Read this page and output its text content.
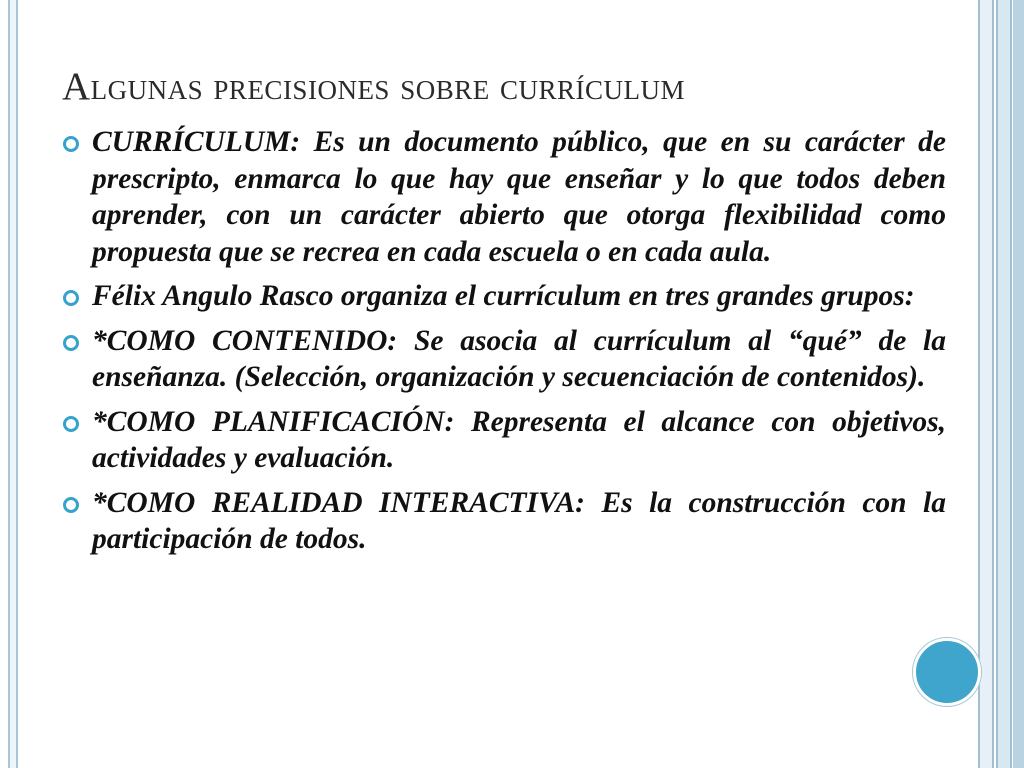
Algunas precisiones sobre currículum
CURRÍCULUM: Es un documento público, que en su carácter de prescripto, enmarca lo que hay que enseñar y lo que todos deben aprender, con un carácter abierto que otorga flexibilidad como propuesta que se recrea en cada escuela o en cada aula.
Félix Angulo Rasco organiza el currículum en tres grandes grupos:
*COMO CONTENIDO: Se asocia al currículum al “qué” de la enseñanza. (Selección, organización y secuenciación de contenidos).
*COMO PLANIFICACIÓN: Representa el alcance con objetivos, actividades y evaluación.
*COMO REALIDAD INTERACTIVA: Es la construcción con la participación de todos.
